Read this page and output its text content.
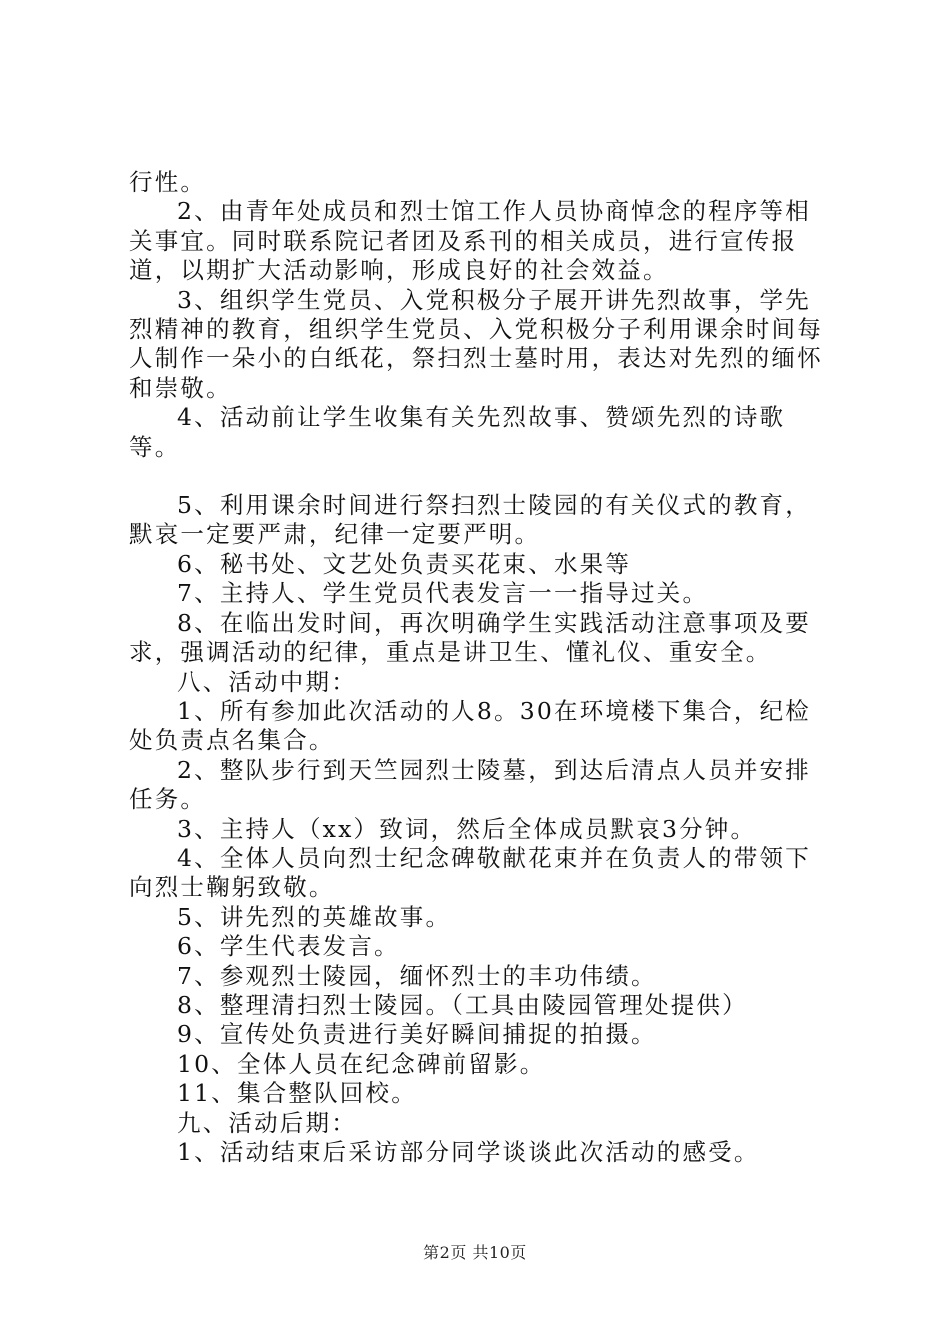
行性。

2、由青年处成员和烈士馆工作人员协商悼念的程序等相关事宜。同时联系院记者团及系刊的相关成员，进行宣传报道，以期扩大活动影响，形成良好的社会效益。

3、组织学生党员、入党积极分子展开讲先烈故事，学先烈精神的教育，组织学生党员、入党积极分子利用课余时间每人制作一朵小的白纸花，祭扫烈士墓时用，表达对先烈的缅怀和崇敬。

4、活动前让学生收集有关先烈故事、赞颂先烈的诗歌等。

5、利用课余时间进行祭扫烈士陵园的有关仪式的教育，默哀一定要严肃，纪律一定要严明。

6、秘书处、文艺处负责买花束、水果等

7、主持人、学生党员代表发言一一指导过关。

8、在临出发时间，再次明确学生实践活动注意事项及要求，强调活动的纪律，重点是讲卫生、懂礼仪、重安全。

八、活动中期：

1、所有参加此次活动的人8。30在环境楼下集合，纪检处负责点名集合。

2、整队步行到天竺园烈士陵墓，到达后清点人员并安排任务。

3、主持人（xx）致词，然后全体成员默哀3分钟。

4、全体人员向烈士纪念碑敬献花束并在负责人的带领下向烈士鞠躬致敬。

5、讲先烈的英雄故事。

6、学生代表发言。

7、参观烈士陵园，缅怀烈士的丰功伟绩。

8、整理清扫烈士陵园。（工具由陵园管理处提供）

9、宣传处负责进行美好瞬间捕捉的拍摄。

10、全体人员在纪念碑前留影。

11、集合整队回校。

九、活动后期：

1、活动结束后采访部分同学谈谈此次活动的感受。

第2页 共10页
